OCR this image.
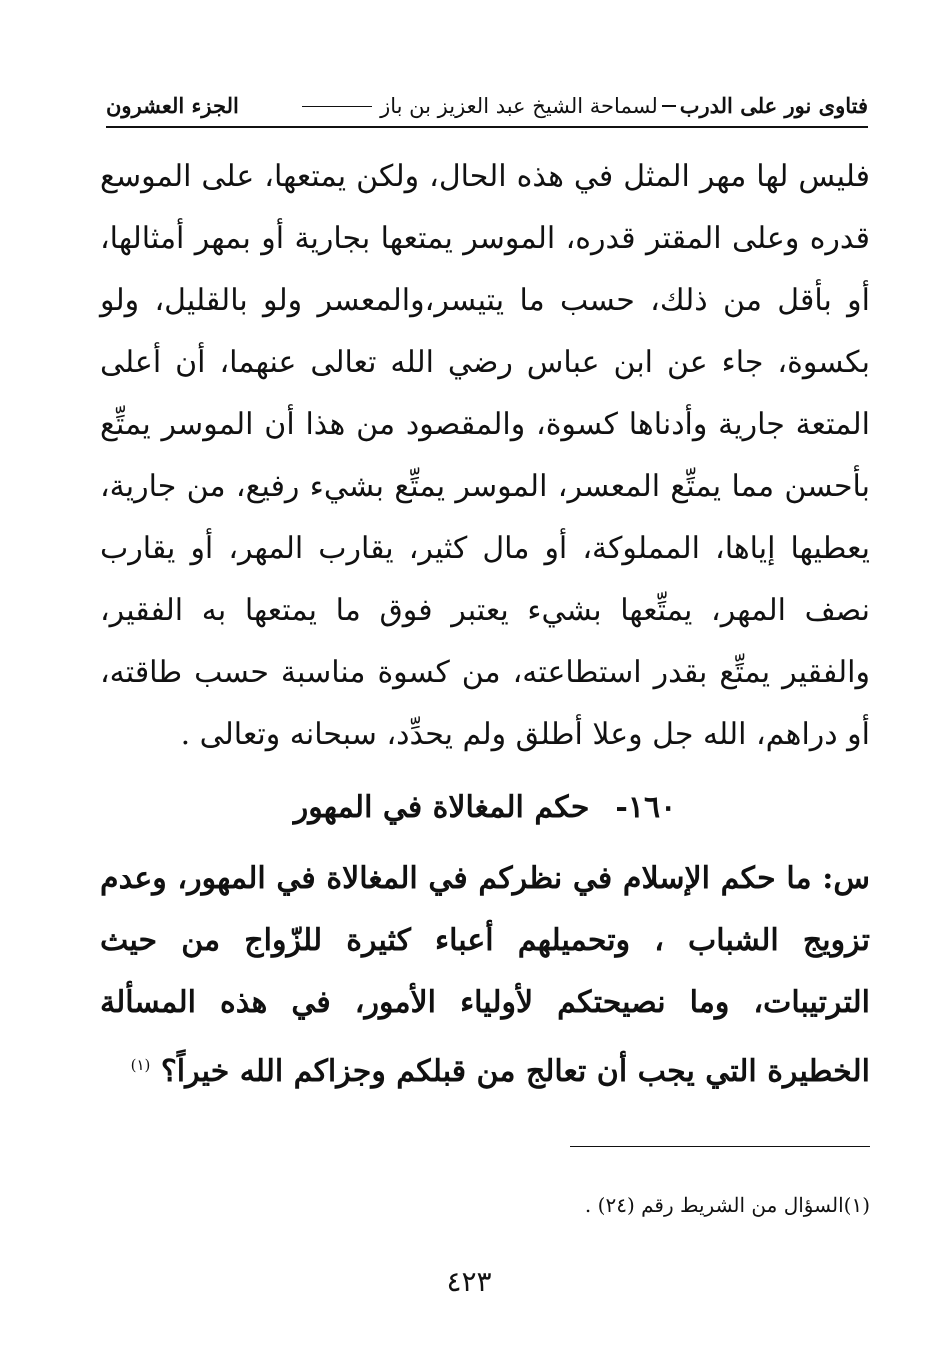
فتاوى نور على الدرب
لسماحة الشيخ عبد العزيز بن باز
الجزء العشرون

فليس لها مهر المثل في هذه الحال، ولكن يمتعها، على الموسع قدره وعلى المقتر قدره، الموسر يمتعها بجارية أو بمهر أمثالها، أو بأقل من ذلك، حسب ما يتيسر،والمعسر ولو بالقليل، ولو بكسوة، جاء عن ابن عباس رضي الله تعالى عنهما، أن أعلى المتعة جارية وأدناها كسوة، والمقصود من هذا أن الموسر يمتِّع بأحسن مما يمتِّع المعسر، الموسر يمتِّع بشيء رفيع، من جارية، يعطيها إياها، المملوكة، أو مال كثير، يقارب المهر، أو يقارب نصف المهر، يمتِّعها بشيء يعتبر فوق ما يمتعها به الفقير، والفقير يمتِّع بقدر استطاعته، من كسوة مناسبة حسب طاقته، أو دراهم، الله جل وعلا أطلق ولم يحدِّد، سبحانه وتعالى .

١٦٠-حكم المغالاة في المهور

س: ما حكم الإسلام في نظركم في المغالاة في المهور، وعدم تزويج الشباب ، وتحميلهم أعباء كثيرة للزّواج من حيث الترتيبات، وما نصيحتكم لأولياء الأمور، في هذه المسألة الخطيرة التي يجب أن تعالج من قبلكم وجزاكم الله خيراً؟ $^{(١)}$

(١)السؤال من الشريط رقم (٢٤) .
٤٢٣
